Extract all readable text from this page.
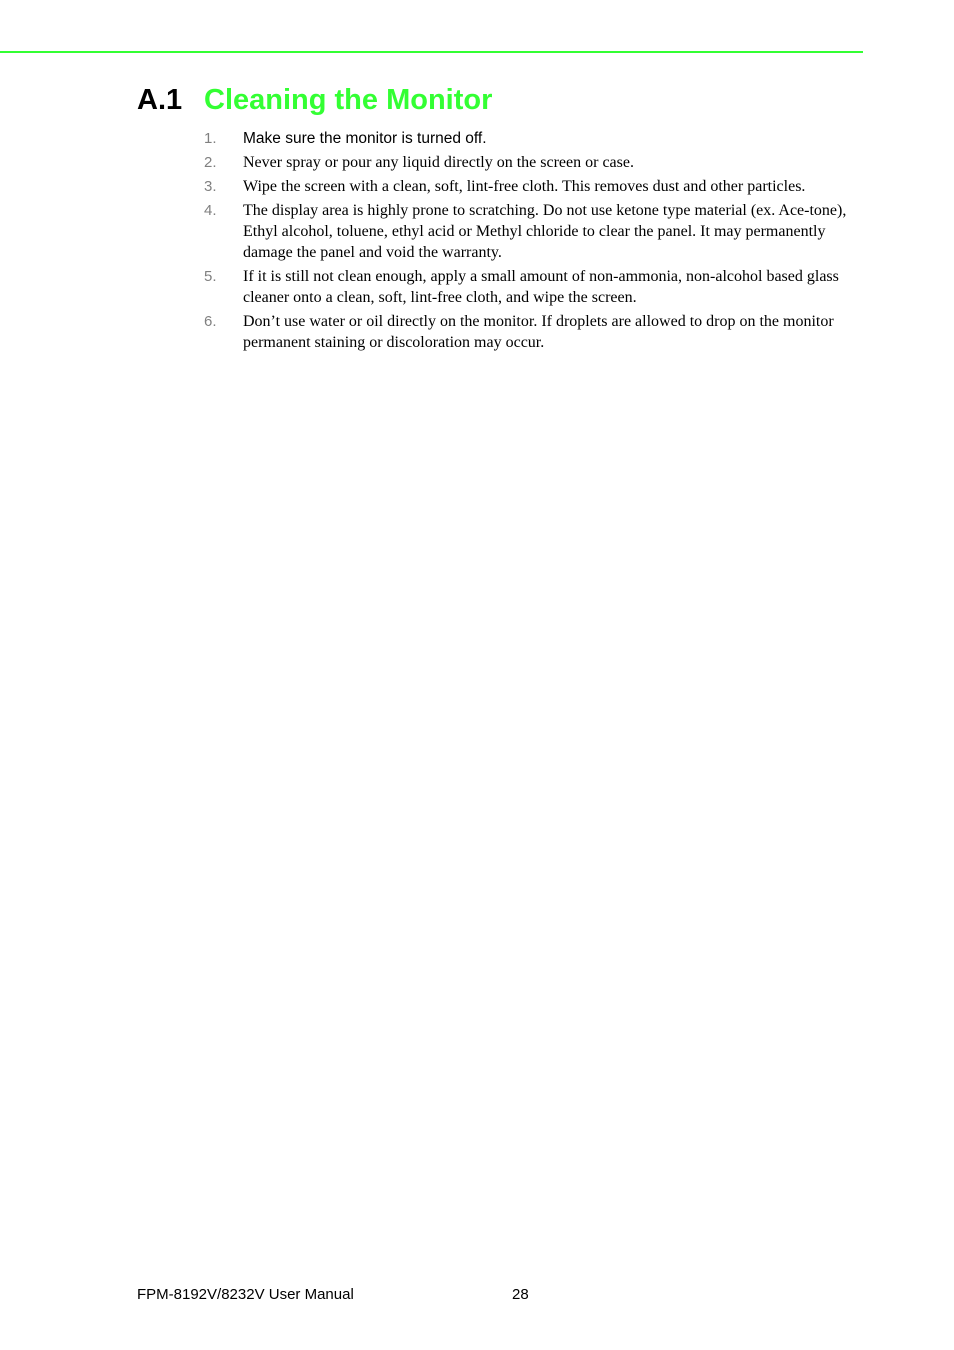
A.1 Cleaning the Monitor
1. Make sure the monitor is turned off.
2. Never spray or pour any liquid directly on the screen or case.
3. Wipe the screen with a clean, soft, lint-free cloth. This removes dust and other particles.
4. The display area is highly prone to scratching. Do not use ketone type material (ex. Ace-tone), Ethyl alcohol, toluene, ethyl acid or Methyl chloride to clear the panel. It may permanently damage the panel and void the warranty.
5. If it is still not clean enough, apply a small amount of non-ammonia, non-alcohol based glass cleaner onto a clean, soft, lint-free cloth, and wipe the screen.
6. Don’t use water or oil directly on the monitor. If droplets are allowed to drop on the monitor permanent staining or discoloration may occur.
FPM-8192V/8232V User Manual	28
